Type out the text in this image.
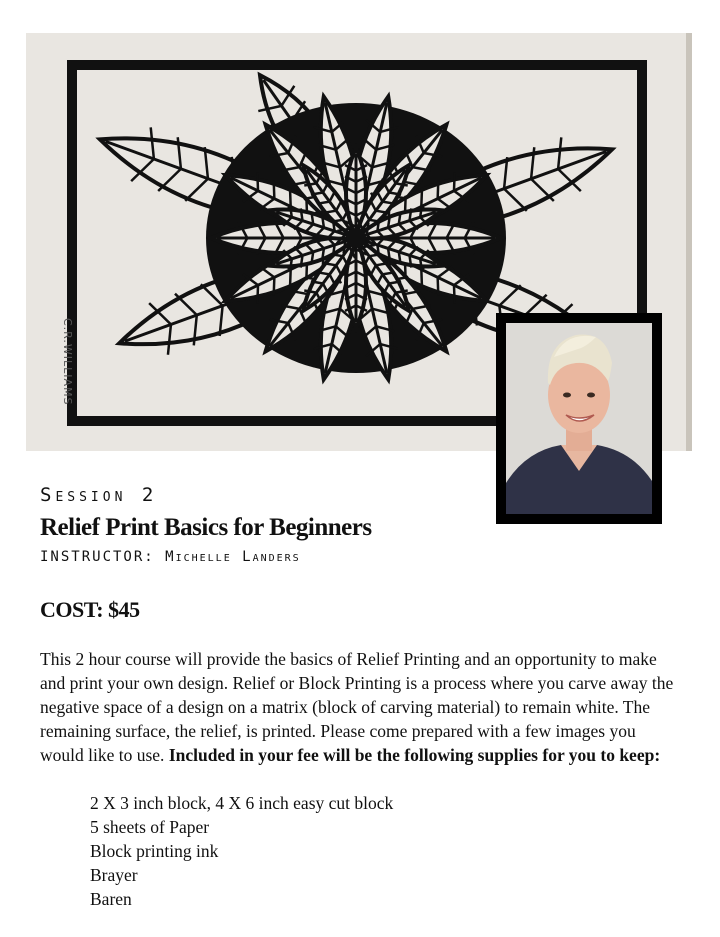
C.R.WILLIAMS
Session 2
Relief Print Basics for Beginners
INSTRUCTOR: Michelle Landers
COST: $45

This 2 hour course will provide the basics of Relief Printing and an opportunity to make and print your own design. Relief or Block Printing is a process where you carve away the negative space of a design on a matrix (block of carving material) to remain white. The remaining surface, the relief, is printed. Please come prepared with a few images you would like to use. Included in your fee will be the following supplies for you to keep:

2 X 3 inch block, 4 X 6 inch easy cut block
5 sheets of Paper
Block printing ink
Brayer
Baren
